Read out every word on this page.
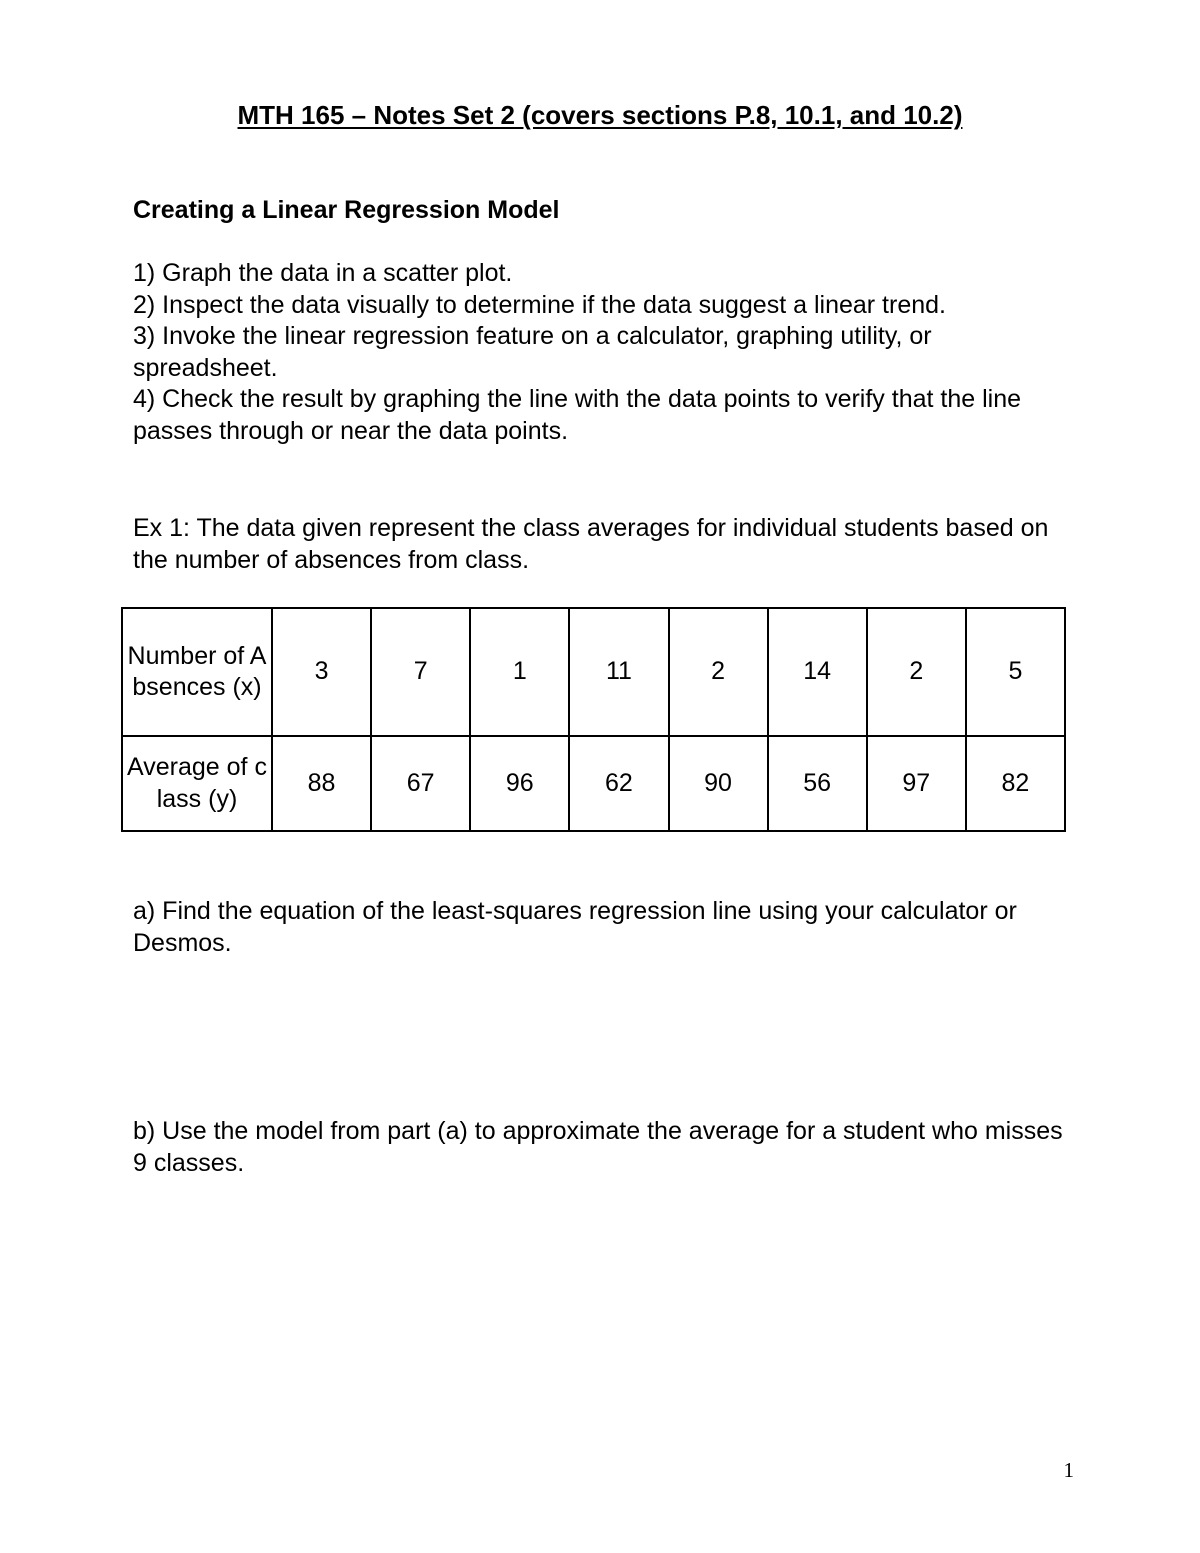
MTH 165 – Notes Set 2 (covers sections P.8, 10.1, and 10.2)
Creating a Linear Regression Model
1) Graph the data in a scatter plot.
2) Inspect the data visually to determine if the data suggest a linear trend.
3) Invoke the linear regression feature on a calculator, graphing utility, or spreadsheet.
4) Check the result by graphing the line with the data points to verify that the line passes through or near the data points.

Ex 1: The data given represent the class averages for individual students based on the number of absences from class.

Number of Absences (x)	3	7	1	11	2	14	2	5
Average of class (y)	88	67	96	62	90	56	97	82

a) Find the equation of the least-squares regression line using your calculator or Desmos.

b) Use the model from part (a) to approximate the average for a student who misses 9 classes.

1
